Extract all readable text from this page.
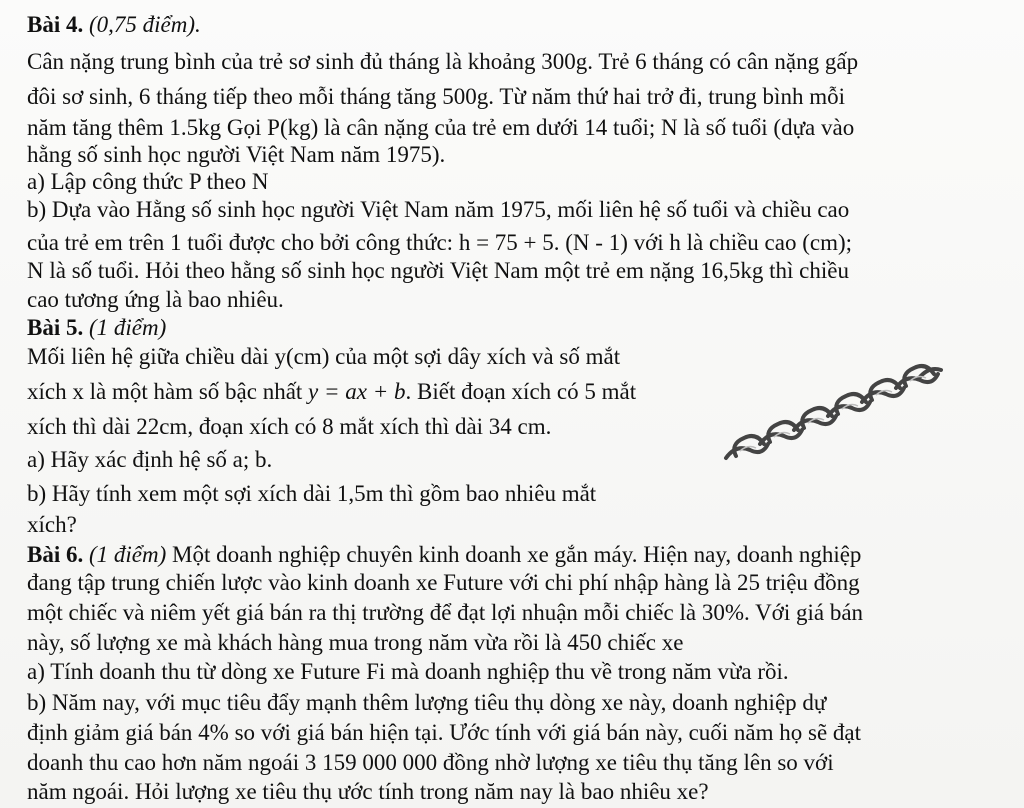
Bài 4. (0,75 điểm).
Cân nặng trung bình của trẻ sơ sinh đủ tháng là khoảng 300g. Trẻ 6 tháng có cân nặng gấp
đôi sơ sinh, 6 tháng tiếp theo mỗi tháng tăng 500g. Từ năm thứ hai trở đi, trung bình mỗi
năm tăng thêm 1.5kg Gọi P(kg) là cân nặng của trẻ em dưới 14 tuổi; N là số tuổi (dựa vào
hằng số sinh học người Việt Nam năm 1975).
a) Lập công thức P theo N
b) Dựa vào Hằng số sinh học người Việt Nam năm 1975, mối liên hệ số tuổi và chiều cao
của trẻ em trên 1 tuổi được cho bởi công thức: h = 75 + 5. (N - 1) với h là chiều cao (cm);
N là số tuổi. Hỏi theo hằng số sinh học người Việt Nam một trẻ em nặng 16,5kg thì chiều
cao tương ứng là bao nhiêu.
Bài 5. (1 điểm)
Mối liên hệ giữa chiều dài y(cm) của một sợi dây xích và số mắt
xích x là một hàm số bậc nhất y = ax + b. Biết đoạn xích có 5 mắt
xích thì dài 22cm, đoạn xích có 8 mắt xích thì dài 34 cm.
a) Hãy xác định hệ số a; b.
b) Hãy tính xem một sợi xích dài 1,5m thì gồm bao nhiêu mắt
xích?
Bài 6. (1 điểm) Một doanh nghiệp chuyên kinh doanh xe gắn máy. Hiện nay, doanh nghiệp
đang tập trung chiến lược vào kinh doanh xe Future với chi phí nhập hàng là 25 triệu đồng
một chiếc và niêm yết giá bán ra thị trường để đạt lợi nhuận mỗi chiếc là 30%. Với giá bán
này, số lượng xe mà khách hàng mua trong năm vừa rồi là 450 chiếc xe
a) Tính doanh thu từ dòng xe Future Fi mà doanh nghiệp thu về trong năm vừa rồi.
b) Năm nay, với mục tiêu đẩy mạnh thêm lượng tiêu thụ dòng xe này, doanh nghiệp dự
định giảm giá bán 4% so với giá bán hiện tại. Ước tính với giá bán này, cuối năm họ sẽ đạt
doanh thu cao hơn năm ngoái 3 159 000 000 đồng nhờ lượng xe tiêu thụ tăng lên so với
năm ngoái. Hỏi lượng xe tiêu thụ ước tính trong năm nay là bao nhiêu xe?
